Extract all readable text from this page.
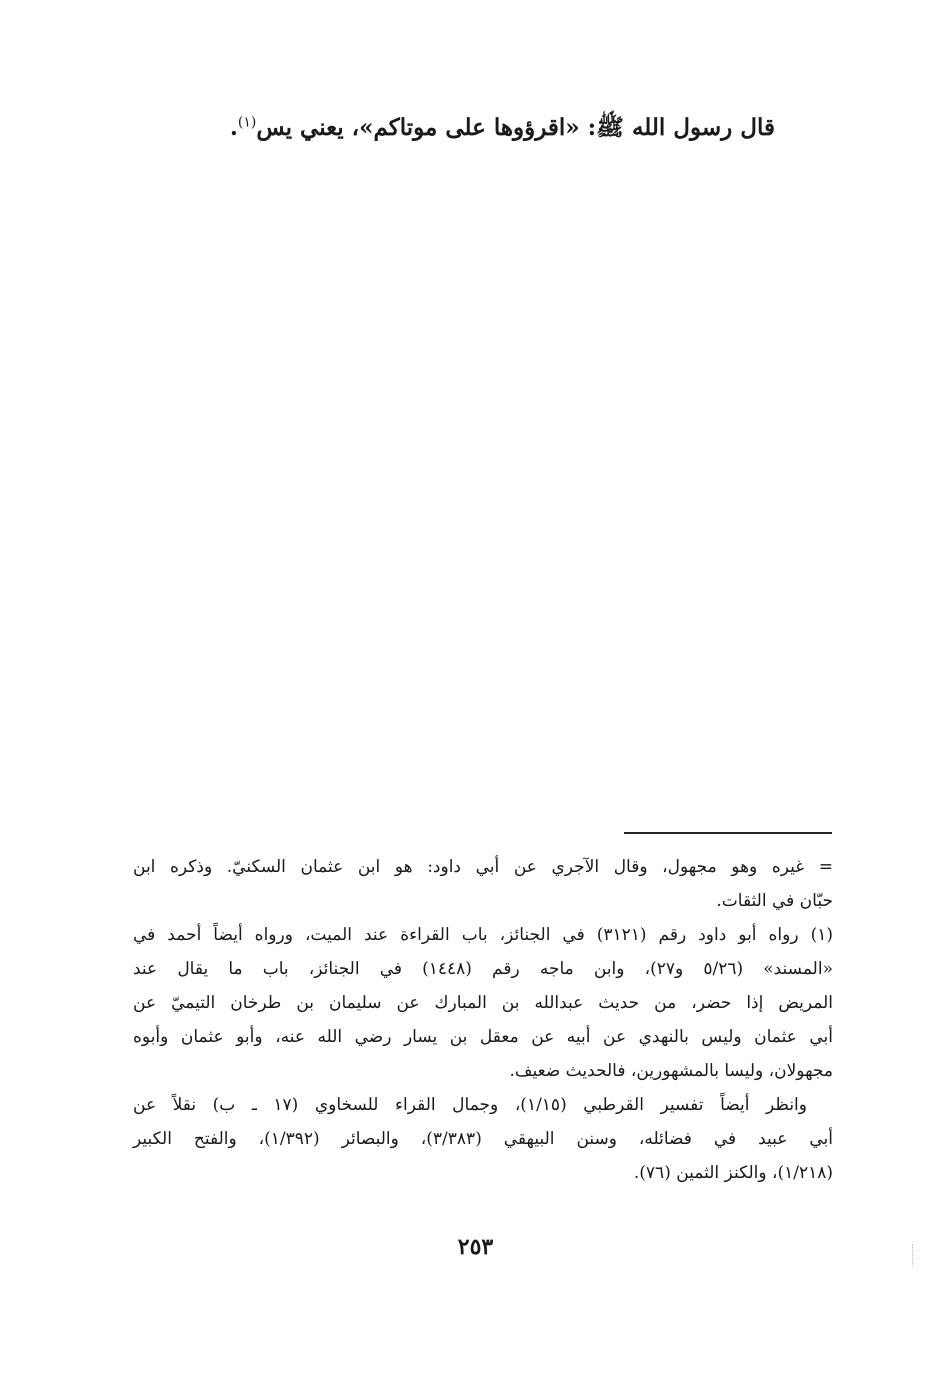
قال رسول الله ﷺ: «اقرؤوها على موتاكم»، يعني يس$^{(١)}$.

= غيره وهو مجهول، وقال الآجري عن أبي داود: هو ابن عثمان السكنيّ. وذكره ابن
حبّان في الثقات.

(١) رواه أبو داود رقم (٣١٢١) في الجنائز، باب القراءة عند الميت، ورواه أيضاً أحمد في
«المسند» (٥/٢٦ و٢٧)، وابن ماجه رقم (١٤٤٨) في الجنائز، باب ما يقال عند
المريض إذا حضر، من حديث عبدالله بن المبارك عن سليمان بن طرخان التيميّ عن
أبي عثمان وليس بالنهدي عن أبيه عن معقل بن يسار رضي الله عنه، وأبو عثمان وأبوه
مجهولان، وليسا بالمشهورين، فالحديث ضعيف.

وانظر أيضاً تفسير القرطبي (١/١٥)، وجمال القراء للسخاوي (١٧ ـ ب) نقلاً عن
أبي عبيد في فضائله، وسنن البيهقي (٣/٣٨٣)، والبصائر (١/٣٩٢)، والفتح الكبير
(١/٢١٨)، والكنز الثمين (٧٦).

٢٥٣
